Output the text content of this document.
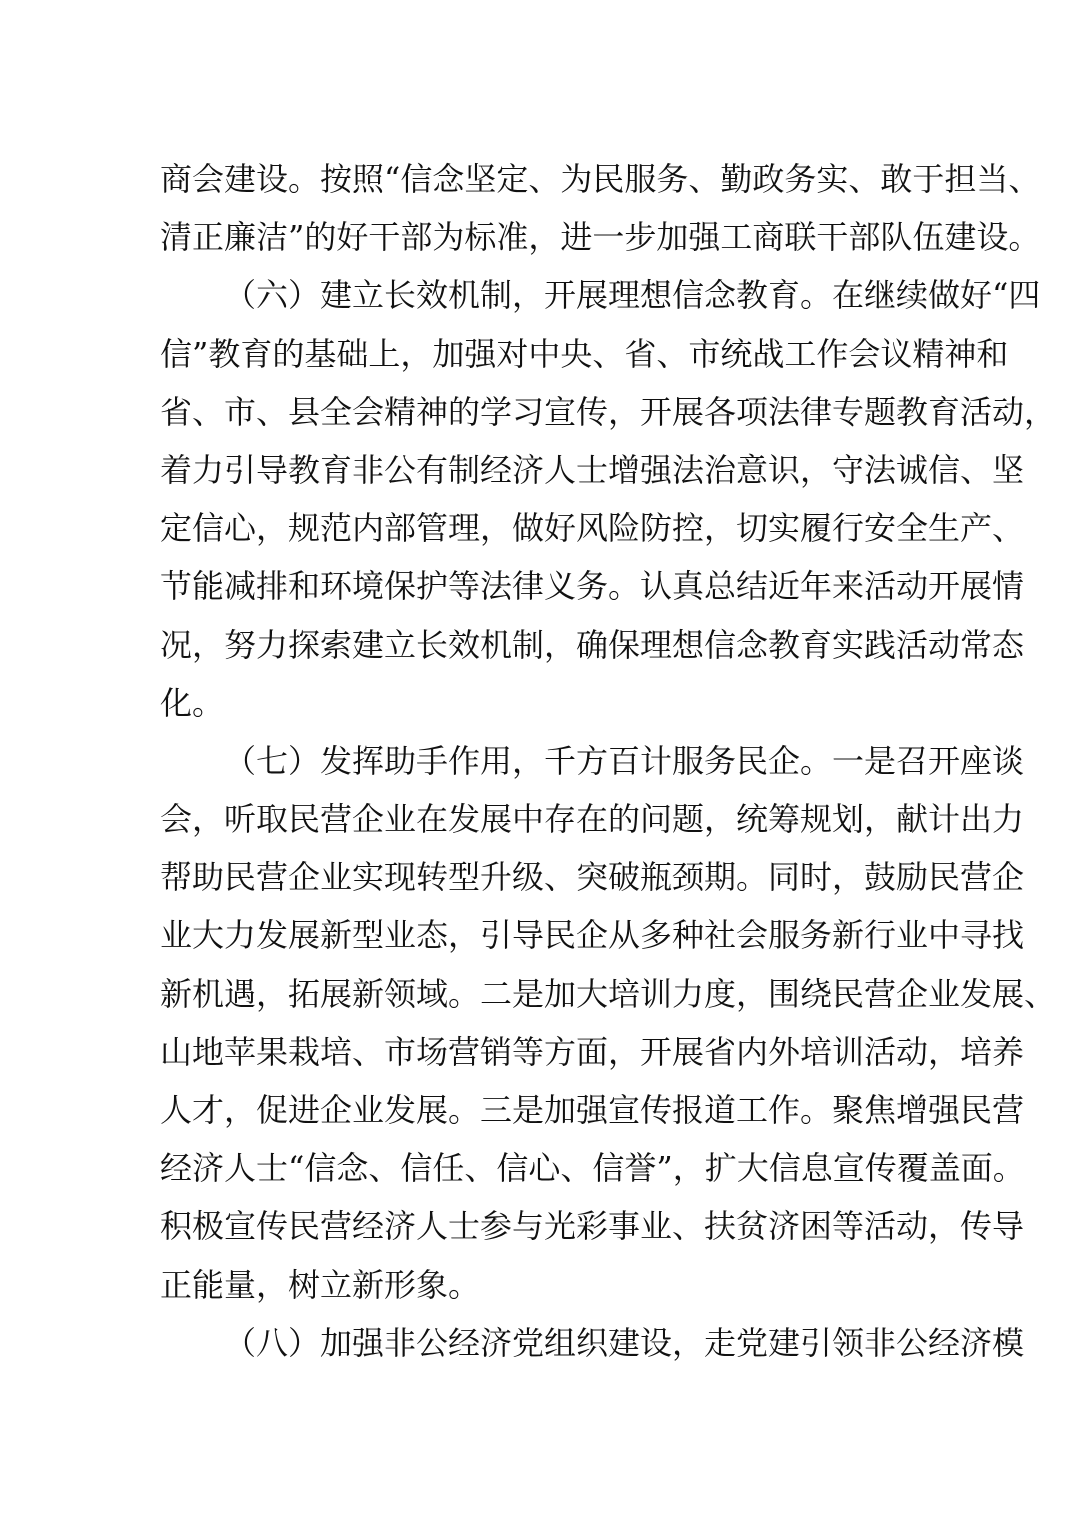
商会建设。按照“信念坚定、为民服务、勤政务实、敢于担当、
清正廉洁”的好干部为标准，进一步加强工商联干部队伍建设。
（六）建立长效机制，开展理想信念教育。在继续做好“四
信”教育的基础上，加强对中央、省、市统战工作会议精神和
省、市、县全会精神的学习宣传，开展各项法律专题教育活动，
着力引导教育非公有制经济人士增强法治意识，守法诚信、坚
定信心，规范内部管理，做好风险防控，切实履行安全生产、
节能减排和环境保护等法律义务。认真总结近年来活动开展情
况，努力探索建立长效机制，确保理想信念教育实践活动常态
化。
（七）发挥助手作用，千方百计服务民企。一是召开座谈
会，听取民营企业在发展中存在的问题，统筹规划，献计出力
帮助民营企业实现转型升级、突破瓶颈期。同时，鼓励民营企
业大力发展新型业态，引导民企从多种社会服务新行业中寻找
新机遇，拓展新领域。二是加大培训力度，围绕民营企业发展、
山地苹果栽培、市场营销等方面，开展省内外培训活动，培养
人才，促进企业发展。三是加强宣传报道工作。聚焦增强民营
经济人士“信念、信任、信心、信誉”，扩大信息宣传覆盖面。
积极宣传民营经济人士参与光彩事业、扶贫济困等活动，传导
正能量，树立新形象。
（八）加强非公经济党组织建设，走党建引领非公经济模
